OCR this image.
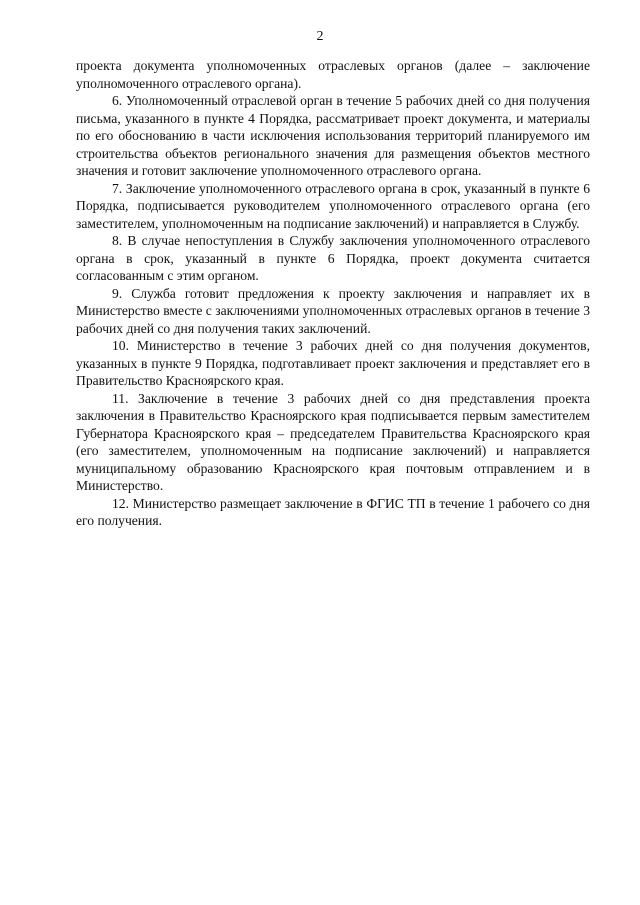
2

проекта документа уполномоченных отраслевых органов (далее – заключение уполномоченного отраслевого органа).

6. Уполномоченный отраслевой орган в течение 5 рабочих дней со дня получения письма, указанного в пункте 4 Порядка, рассматривает проект документа, и материалы по его обоснованию в части исключения использования территорий планируемого им строительства объектов регионального значения для размещения объектов местного значения и готовит заключение уполномоченного отраслевого органа.

7. Заключение уполномоченного отраслевого органа в срок, указанный в пункте 6 Порядка, подписывается руководителем уполномоченного отраслевого органа (его заместителем, уполномоченным на подписание заключений) и направляется в Службу.

8. В случае непоступления в Службу заключения уполномоченного отраслевого органа в срок, указанный в пункте 6 Порядка, проект документа считается согласованным с этим органом.

9. Служба готовит предложения к проекту заключения и направляет их в Министерство вместе с заключениями уполномоченных отраслевых органов в течение 3 рабочих дней со дня получения таких заключений.

10. Министерство в течение 3 рабочих дней со дня получения документов, указанных в пункте 9 Порядка, подготавливает проект заключения и представляет его в Правительство Красноярского края.

11. Заключение в течение 3 рабочих дней со дня представления проекта заключения в Правительство Красноярского края подписывается первым заместителем Губернатора Красноярского края – председателем Правительства Красноярского края (его заместителем, уполномоченным на подписание заключений) и направляется муниципальному образованию Красноярского края почтовым отправлением и в Министерство.

12. Министерство размещает заключение в ФГИС ТП в течение 1 рабочего со дня его получения.
